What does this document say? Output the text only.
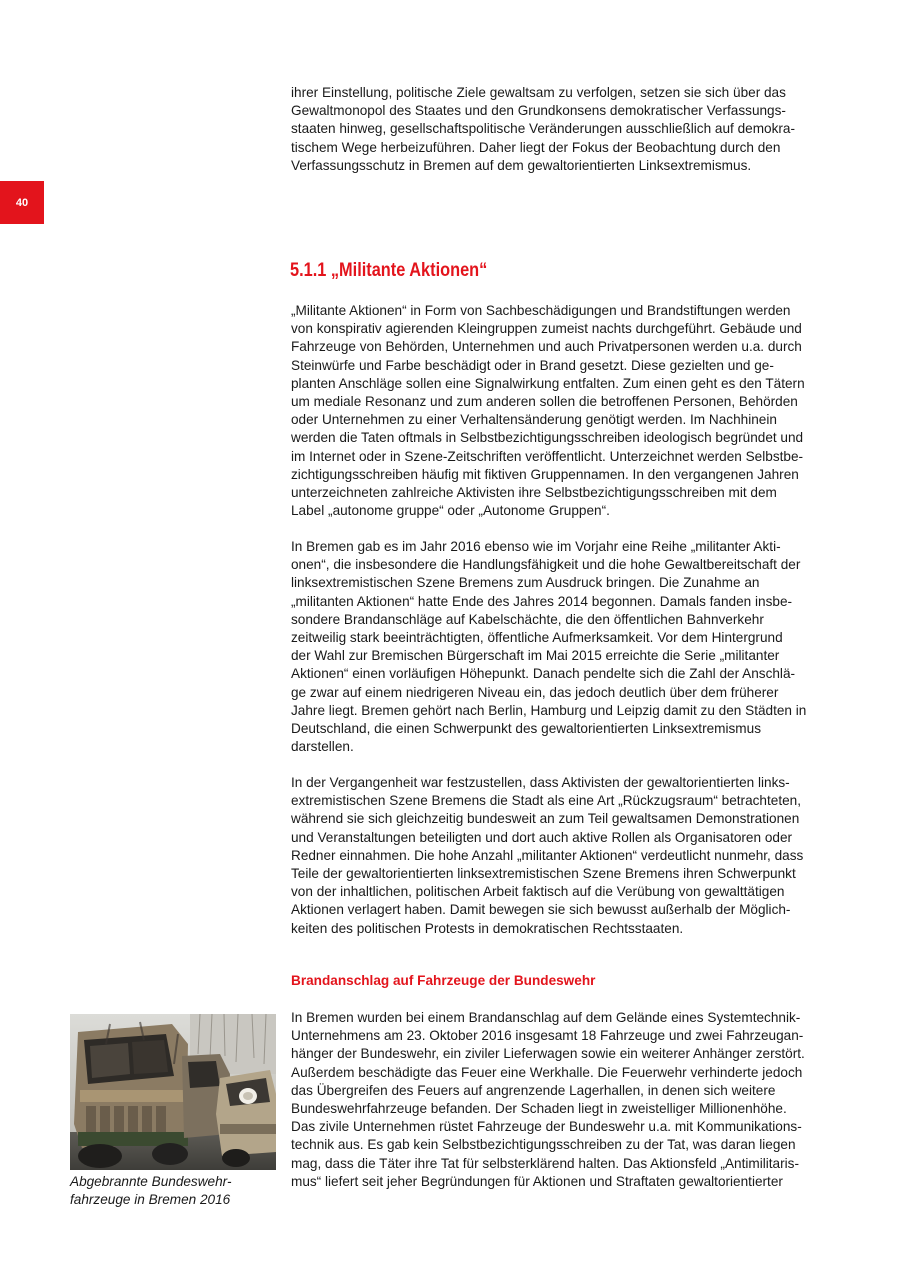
40

ihrer Einstellung, politische Ziele gewaltsam zu verfolgen, setzen sie sich über das
Gewaltmonopol des Staates und den Grundkonsens demokratischer Verfassungs-
staaten hinweg, gesellschaftspolitische Veränderungen ausschließlich auf demokra-
tischem Wege herbeizuführen. Daher liegt der Fokus der Beobachtung durch den
Verfassungsschutz in Bremen auf dem gewaltorientierten Linksextremismus.

5.1.1 „Militante Aktionen“

„Militante Aktionen“ in Form von Sachbeschädigungen und Brandstiftungen werden
von konspirativ agierenden Kleingruppen zumeist nachts durchgeführt. Gebäude und
Fahrzeuge von Behörden, Unternehmen und auch Privatpersonen werden u.a. durch
Steinwürfe und Farbe beschädigt oder in Brand gesetzt. Diese gezielten und ge-
planten Anschläge sollen eine Signalwirkung entfalten. Zum einen geht es den Tätern
um mediale Resonanz und zum anderen sollen die betroffenen Personen, Behörden
oder Unternehmen zu einer Verhaltensänderung genötigt werden. Im Nachhinein
werden die Taten oftmals in Selbstbezichtigungsschreiben ideologisch begründet und
im Internet oder in Szene-Zeitschriften veröffentlicht. Unterzeichnet werden Selbstbe-
zichtigungsschreiben häufig mit fiktiven Gruppennamen. In den vergangenen Jahren
unterzeichneten zahlreiche Aktivisten ihre Selbstbezichtigungsschreiben mit dem
Label „autonome gruppe“ oder „Autonome Gruppen“.

In Bremen gab es im Jahr 2016 ebenso wie im Vorjahr eine Reihe „militanter Akti-
onen“, die insbesondere die Handlungsfähigkeit und die hohe Gewaltbereitschaft der
linksextremistischen Szene Bremens zum Ausdruck bringen. Die Zunahme an
„militanten Aktionen“ hatte Ende des Jahres 2014 begonnen. Damals fanden insbe-
sondere Brandanschläge auf Kabelschächte, die den öffentlichen Bahnverkehr
zeitweilig stark beeinträchtigten, öffentliche Aufmerksamkeit. Vor dem Hintergrund
der Wahl zur Bremischen Bürgerschaft im Mai 2015 erreichte die Serie „militanter
Aktionen“ einen vorläufigen Höhepunkt. Danach pendelte sich die Zahl der Anschlä-
ge zwar auf einem niedrigeren Niveau ein, das jedoch deutlich über dem früherer
Jahre liegt. Bremen gehört nach Berlin, Hamburg und Leipzig damit zu den Städten in
Deutschland, die einen Schwerpunkt des gewaltorientierten Linksextremismus
darstellen.

In der Vergangenheit war festzustellen, dass Aktivisten der gewaltorientierten links-
extremistischen Szene Bremens die Stadt als eine Art „Rückzugsraum“ betrachteten,
während sie sich gleichzeitig bundesweit an zum Teil gewaltsamen Demonstrationen
und Veranstaltungen beteiligten und dort auch aktive Rollen als Organisatoren oder
Redner einnahmen. Die hohe Anzahl „militanter Aktionen“ verdeutlicht nunmehr, dass
Teile der gewaltorientierten linksextremistischen Szene Bremens ihren Schwerpunkt
von der inhaltlichen, politischen Arbeit faktisch auf die Verübung von gewalttätigen
Aktionen verlagert haben. Damit bewegen sie sich bewusst außerhalb der Möglich-
keiten des politischen Protests in demokratischen Rechtsstaaten.

Brandanschlag auf Fahrzeuge der Bundeswehr

In Bremen wurden bei einem Brandanschlag auf dem Gelände eines Systemtechnik-
Unternehmens am 23. Oktober 2016 insgesamt 18 Fahrzeuge und zwei Fahrzeugan-
hänger der Bundeswehr, ein ziviler Lieferwagen sowie ein weiterer Anhänger zerstört.
Außerdem beschädigte das Feuer eine Werkhalle. Die Feuerwehr verhinderte jedoch
das Übergreifen des Feuers auf angrenzende Lagerhallen, in denen sich weitere
Bundeswehrfahrzeuge befanden. Der Schaden liegt in zweistelliger Millionenhöhe.
Das zivile Unternehmen rüstet Fahrzeuge der Bundeswehr u.a. mit Kommunikations-
technik aus. Es gab kein Selbstbezichtigungsschreiben zu der Tat, was daran liegen
mag, dass die Täter ihre Tat für selbsterklärend halten. Das Aktionsfeld „Antimilitaris-
mus“ liefert seit jeher Begründungen für Aktionen und Straftaten gewaltorientierter

Abgebrannte Bundeswehr-
fahrzeuge in Bremen 2016
